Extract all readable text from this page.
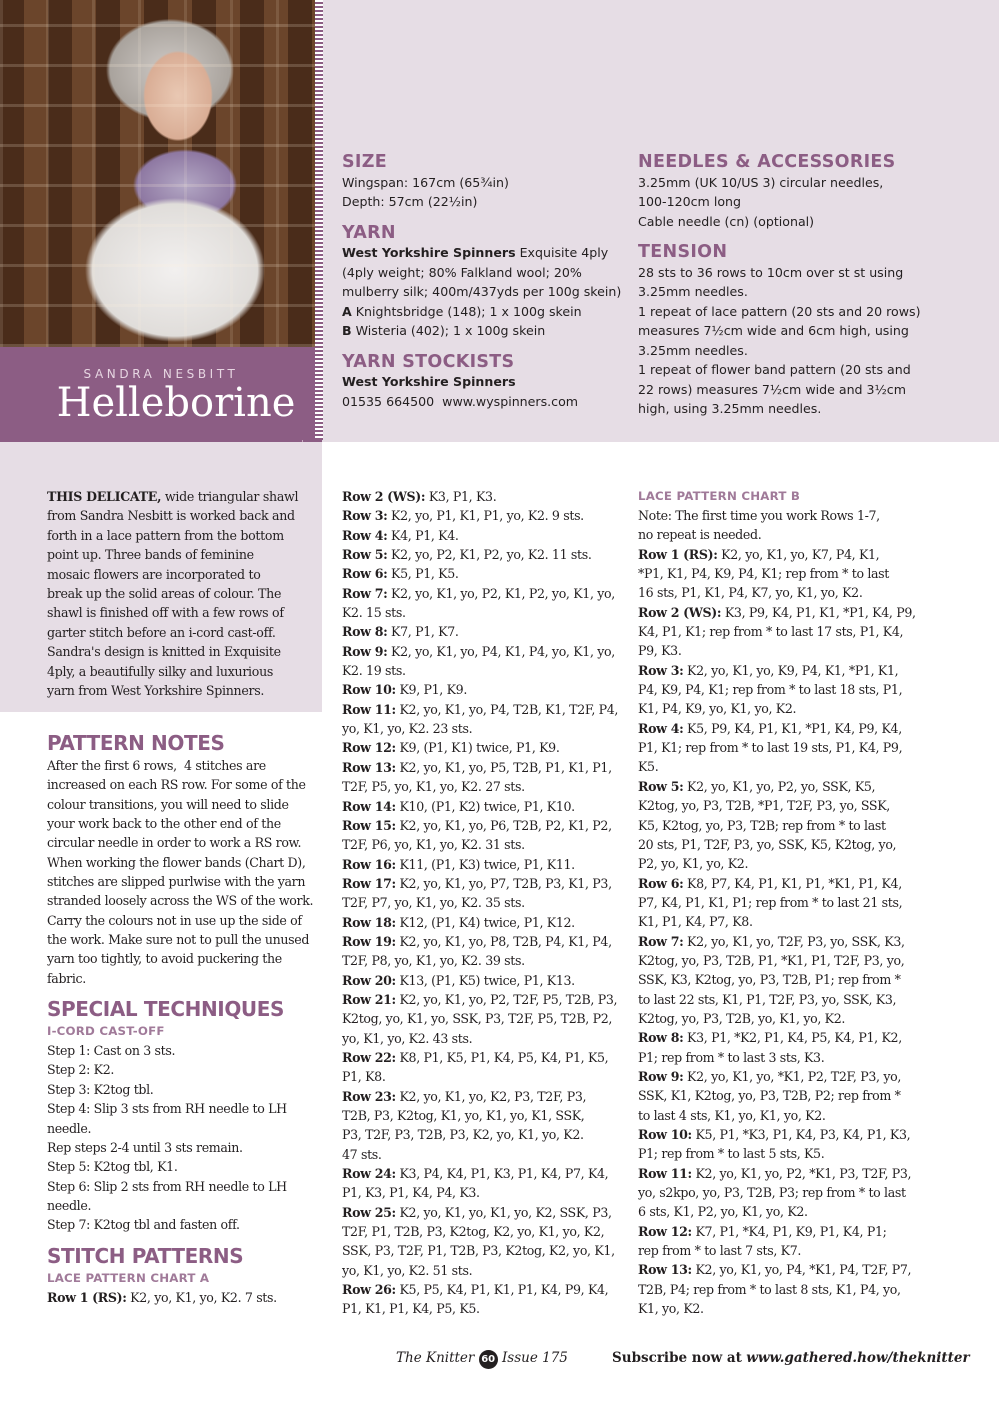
SANDRA NESBITT
Helleborine
SIZE
Wingspan: 167cm (65¾in)
Depth: 57cm (22½in)
YARN
West Yorkshire Spinners Exquisite 4ply
(4ply weight; 80% Falkland wool; 20%
mulberry silk; 400m/437yds per 100g skein)
A Knightsbridge (148); 1 x 100g skein
B Wisteria (402); 1 x 100g skein
YARN STOCKISTS
West Yorkshire Spinners
01535 664500  www.wyspinners.com
NEEDLES & ACCESSORIES
3.25mm (UK 10/US 3) circular needles,
100-120cm long
Cable needle (cn) (optional)
TENSION
28 sts to 36 rows to 10cm over st st using
3.25mm needles.
1 repeat of lace pattern (20 sts and 20 rows)
measures 7½cm wide and 6cm high, using
3.25mm needles.
1 repeat of flower band pattern (20 sts and
22 rows) measures 7½cm wide and 3½cm
high, using 3.25mm needles.
THIS DELICATE, wide triangular shawl
from Sandra Nesbitt is worked back and
forth in a lace pattern from the bottom
point up. Three bands of feminine
mosaic flowers are incorporated to
break up the solid areas of colour. The
shawl is finished off with a few rows of
garter stitch before an i-cord cast-off.
Sandra's design is knitted in Exquisite
4ply, a beautifully silky and luxurious
yarn from West Yorkshire Spinners.
PATTERN NOTES
After the first 6 rows,  4 stitches are
increased on each RS row. For some of the
colour transitions, you will need to slide
your work back to the other end of the
circular needle in order to work a RS row.
When working the flower bands (Chart D),
stitches are slipped purlwise with the yarn
stranded loosely across the WS of the work.
Carry the colours not in use up the side of
the work. Make sure not to pull the unused
yarn too tightly, to avoid puckering the
fabric.
SPECIAL TECHNIQUES
I-CORD CAST-OFF
Step 1: Cast on 3 sts.
Step 2: K2.
Step 3: K2tog tbl.
Step 4: Slip 3 sts from RH needle to LH
needle.
Rep steps 2-4 until 3 sts remain.
Step 5: K2tog tbl, K1.
Step 6: Slip 2 sts from RH needle to LH
needle.
Step 7: K2tog tbl and fasten off.
STITCH PATTERNS
LACE PATTERN CHART A

Row 1 (RS): K2, yo, K1, yo, K2. 7 sts.

Row 2 (WS): K3, P1, K3.

Row 3: K2, yo, P1, K1, P1, yo, K2. 9 sts.

Row 4: K4, P1, K4.

Row 5: K2, yo, P2, K1, P2, yo, K2. 11 sts.

Row 6: K5, P1, K5.

Row 7: K2, yo, K1, yo, P2, K1, P2, yo, K1, yo,

K2. 15 sts.

Row 8: K7, P1, K7.

Row 9: K2, yo, K1, yo, P4, K1, P4, yo, K1, yo,

K2. 19 sts.

Row 10: K9, P1, K9.

Row 11: K2, yo, K1, yo, P4, T2B, K1, T2F, P4,

yo, K1, yo, K2. 23 sts.

Row 12: K9, (P1, K1) twice, P1, K9.

Row 13: K2, yo, K1, yo, P5, T2B, P1, K1, P1,

T2F, P5, yo, K1, yo, K2. 27 sts.

Row 14: K10, (P1, K2) twice, P1, K10.

Row 15: K2, yo, K1, yo, P6, T2B, P2, K1, P2,

T2F, P6, yo, K1, yo, K2. 31 sts.

Row 16: K11, (P1, K3) twice, P1, K11.

Row 17: K2, yo, K1, yo, P7, T2B, P3, K1, P3,

T2F, P7, yo, K1, yo, K2. 35 sts.

Row 18: K12, (P1, K4) twice, P1, K12.

Row 19: K2, yo, K1, yo, P8, T2B, P4, K1, P4,

T2F, P8, yo, K1, yo, K2. 39 sts.

Row 20: K13, (P1, K5) twice, P1, K13.

Row 21: K2, yo, K1, yo, P2, T2F, P5, T2B, P3,

K2tog, yo, K1, yo, SSK, P3, T2F, P5, T2B, P2,

yo, K1, yo, K2. 43 sts.

Row 22: K8, P1, K5, P1, K4, P5, K4, P1, K5,

P1, K8.

Row 23: K2, yo, K1, yo, K2, P3, T2F, P3,

T2B, P3, K2tog, K1, yo, K1, yo, K1, SSK,

P3, T2F, P3, T2B, P3, K2, yo, K1, yo, K2.

47 sts.

Row 24: K3, P4, K4, P1, K3, P1, K4, P7, K4,

P1, K3, P1, K4, P4, K3.

Row 25: K2, yo, K1, yo, K1, yo, K2, SSK, P3,

T2F, P1, T2B, P3, K2tog, K2, yo, K1, yo, K2,

SSK, P3, T2F, P1, T2B, P3, K2tog, K2, yo, K1,

yo, K1, yo, K2. 51 sts.

Row 26: K5, P5, K4, P1, K1, P1, K4, P9, K4,

P1, K1, P1, K4, P5, K5.

LACE PATTERN CHART B
Note: The first time you work Rows 1-7,
no repeat is needed.

Row 1 (RS): K2, yo, K1, yo, K7, P4, K1,

*P1, K1, P4, K9, P4, K1; rep from * to last

16 sts, P1, K1, P4, K7, yo, K1, yo, K2.

Row 2 (WS): K3, P9, K4, P1, K1, *P1, K4, P9,

K4, P1, K1; rep from * to last 17 sts, P1, K4,

P9, K3.

Row 3: K2, yo, K1, yo, K9, P4, K1, *P1, K1,

P4, K9, P4, K1; rep from * to last 18 sts, P1,

K1, P4, K9, yo, K1, yo, K2.

Row 4: K5, P9, K4, P1, K1, *P1, K4, P9, K4,

P1, K1; rep from * to last 19 sts, P1, K4, P9,

K5.

Row 5: K2, yo, K1, yo, P2, yo, SSK, K5,

K2tog, yo, P3, T2B, *P1, T2F, P3, yo, SSK,

K5, K2tog, yo, P3, T2B; rep from * to last

20 sts, P1, T2F, P3, yo, SSK, K5, K2tog, yo,

P2, yo, K1, yo, K2.

Row 6: K8, P7, K4, P1, K1, P1, *K1, P1, K4,

P7, K4, P1, K1, P1; rep from * to last 21 sts,

K1, P1, K4, P7, K8.

Row 7: K2, yo, K1, yo, T2F, P3, yo, SSK, K3,

K2tog, yo, P3, T2B, P1, *K1, P1, T2F, P3, yo,

SSK, K3, K2tog, yo, P3, T2B, P1; rep from *

to last 22 sts, K1, P1, T2F, P3, yo, SSK, K3,

K2tog, yo, P3, T2B, yo, K1, yo, K2.

Row 8: K3, P1, *K2, P1, K4, P5, K4, P1, K2,

P1; rep from * to last 3 sts, K3.

Row 9: K2, yo, K1, yo, *K1, P2, T2F, P3, yo,

SSK, K1, K2tog, yo, P3, T2B, P2; rep from *

to last 4 sts, K1, yo, K1, yo, K2.

Row 10: K5, P1, *K3, P1, K4, P3, K4, P1, K3,

P1; rep from * to last 5 sts, K5.

Row 11: K2, yo, K1, yo, P2, *K1, P3, T2F, P3,

yo, s2kpo, yo, P3, T2B, P3; rep from * to last

6 sts, K1, P2, yo, K1, yo, K2.

Row 12: K7, P1, *K4, P1, K9, P1, K4, P1;

rep from * to last 7 sts, K7.

Row 13: K2, yo, K1, yo, P4, *K1, P4, T2F, P7,

T2B, P4; rep from * to last 8 sts, K1, P4, yo,

K1, yo, K2.

The Knitter 60 Issue 175	Subscribe now at www.gathered.how/theknitter
